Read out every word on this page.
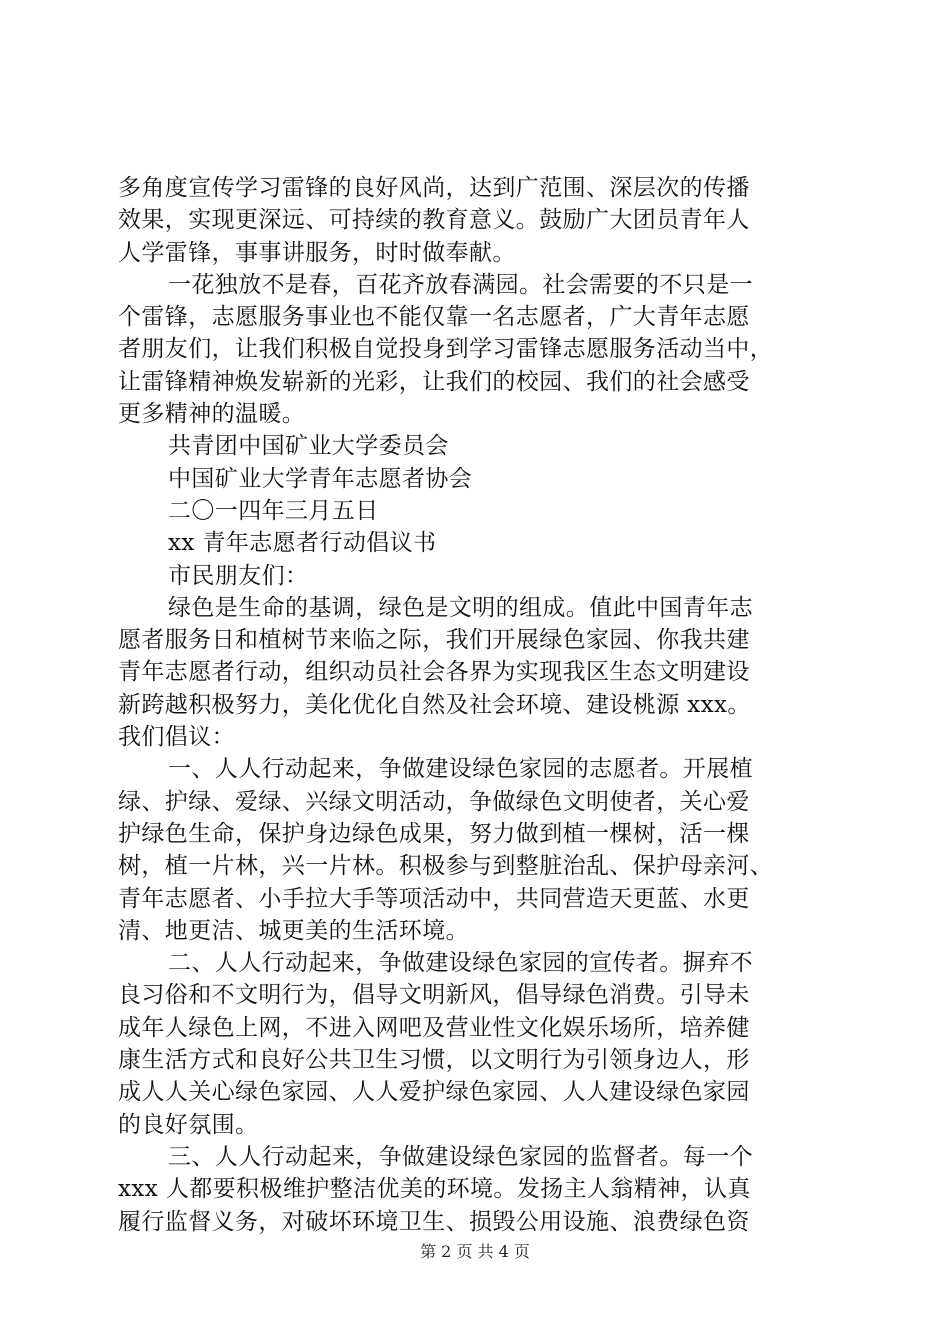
多角度宣传学习雷锋的良好风尚，达到广范围、深层次的传播
效果，实现更深远、可持续的教育意义。鼓励广大团员青年人
人学雷锋，事事讲服务，时时做奉献。
一花独放不是春，百花齐放春满园。社会需要的不只是一
个雷锋，志愿服务事业也不能仅靠一名志愿者，广大青年志愿
者朋友们，让我们积极自觉投身到学习雷锋志愿服务活动当中，
让雷锋精神焕发崭新的光彩，让我们的校园、我们的社会感受
更多精神的温暖。
共青团中国矿业大学委员会
中国矿业大学青年志愿者协会
二〇一四年三月五日
xx 青年志愿者行动倡议书
市民朋友们：
绿色是生命的基调，绿色是文明的组成。值此中国青年志
愿者服务日和植树节来临之际，我们开展绿色家园、你我共建
青年志愿者行动，组织动员社会各界为实现我区生态文明建设
新跨越积极努力，美化优化自然及社会环境、建设桃源 xxx。
我们倡议：
一、人人行动起来，争做建设绿色家园的志愿者。开展植
绿、护绿、爱绿、兴绿文明活动，争做绿色文明使者，关心爱
护绿色生命，保护身边绿色成果，努力做到植一棵树，活一棵
树，植一片林，兴一片林。积极参与到整脏治乱、保护母亲河、
青年志愿者、小手拉大手等项活动中，共同营造天更蓝、水更
清、地更洁、城更美的生活环境。
二、人人行动起来，争做建设绿色家园的宣传者。摒弃不
良习俗和不文明行为，倡导文明新风，倡导绿色消费。引导未
成年人绿色上网，不进入网吧及营业性文化娱乐场所，培养健
康生活方式和良好公共卫生习惯，以文明行为引领身边人，形
成人人关心绿色家园、人人爱护绿色家园、人人建设绿色家园
的良好氛围。
三、人人行动起来，争做建设绿色家园的监督者。每一个
xxx 人都要积极维护整洁优美的环境。发扬主人翁精神，认真
履行监督义务，对破坏环境卫生、损毁公用设施、浪费绿色资
第 2 页 共 4 页
